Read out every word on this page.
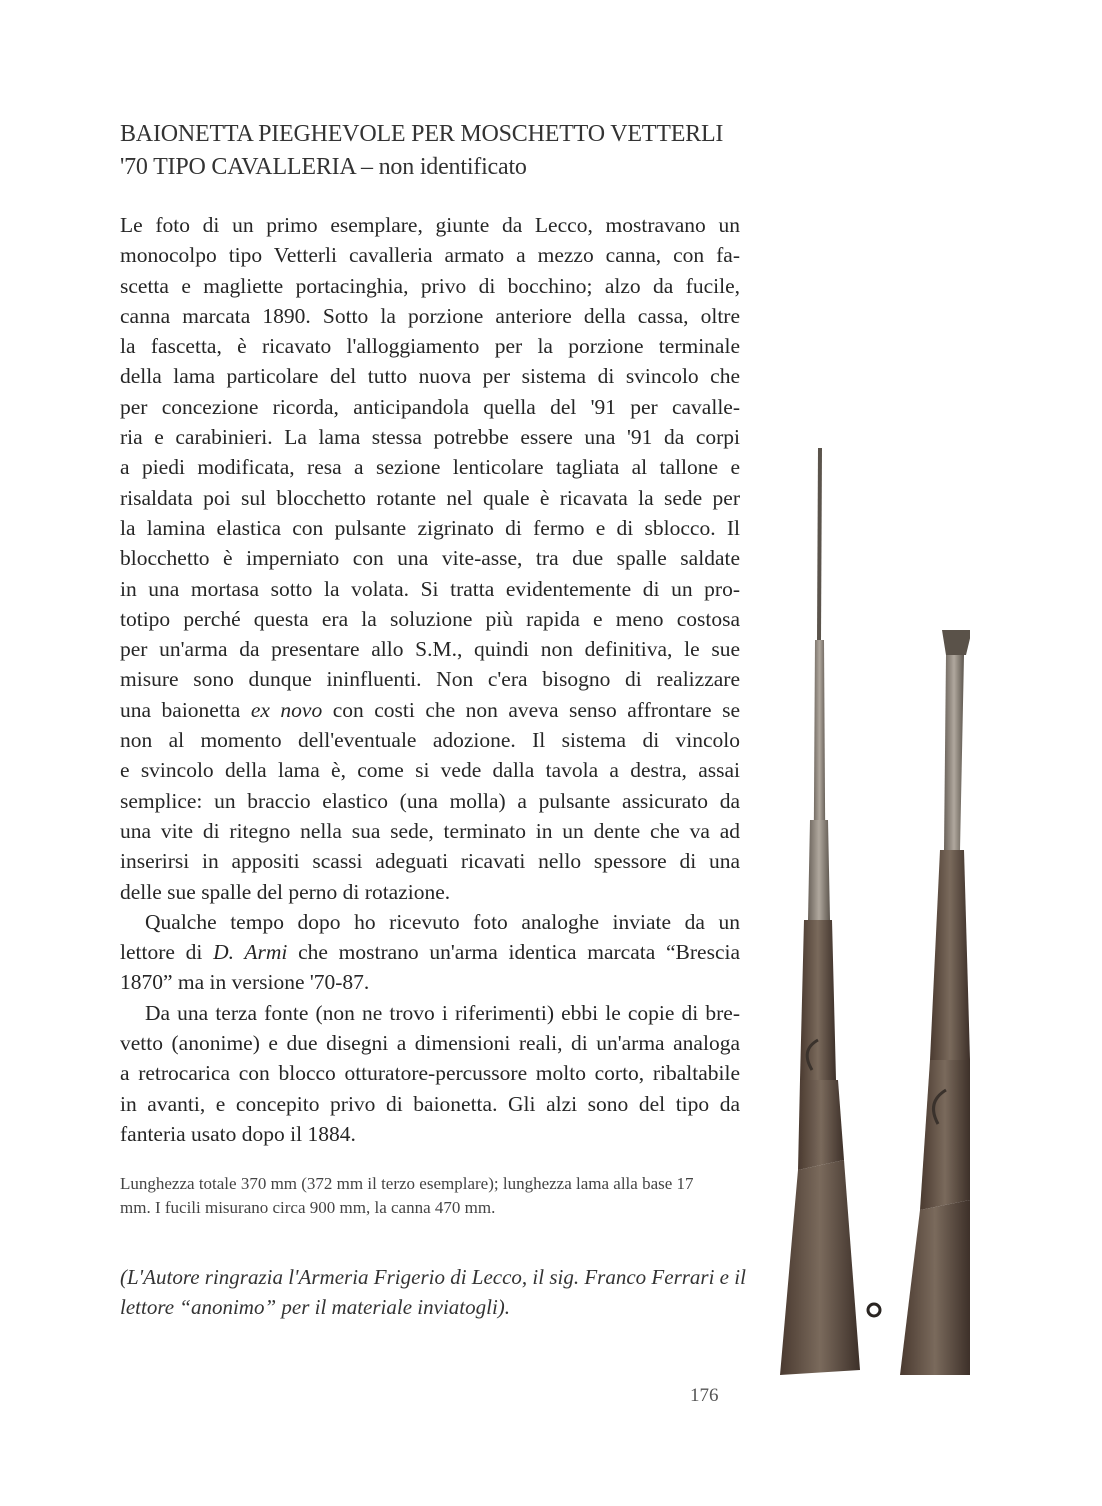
BAIONETTA PIEGHEVOLE PER MOSCHETTO VETTERLI
'70 TIPO CAVALLERIA – non identificato
Le foto di un primo esemplare, giunte da Lecco, mostravano un
monocolpo tipo Vetterli cavalleria armato a mezzo canna, con fa-
scetta e magliette portacinghia, privo di bocchino; alzo da fucile,
canna marcata 1890. Sotto la porzione anteriore della cassa, oltre
la fascetta, è ricavato l'alloggiamento per la porzione terminale
della lama particolare del tutto nuova per sistema di svincolo che
per concezione ricorda, anticipandola quella del '91 per cavalle-
ria e carabinieri. La lama stessa potrebbe essere una '91 da corpi
a piedi modificata, resa a sezione lenticolare tagliata al tallone e
risaldata poi sul blocchetto rotante nel quale è ricavata la sede per
la lamina elastica con pulsante zigrinato di fermo e di sblocco. Il
blocchetto è imperniato con una vite-asse, tra due spalle saldate
in una mortasa sotto la volata. Si tratta evidentemente di un pro-
totipo perché questa era la soluzione più rapida e meno costosa
per un'arma da presentare allo S.M., quindi non definitiva, le sue
misure sono dunque ininfluenti. Non c'era bisogno di realizzare
una baionetta ex novo con costi che non aveva senso affrontare se
non al momento dell'eventuale adozione. Il sistema di vincolo
e svincolo della lama è, come si vede dalla tavola a destra, assai
semplice: un braccio elastico (una molla) a pulsante assicurato da
una vite di ritegno nella sua sede, terminato in un dente che va ad
inserirsi in appositi scassi adeguati ricavati nello spessore di una
delle sue spalle del perno di rotazione.
Qualche tempo dopo ho ricevuto foto analoghe inviate da un
lettore di D. Armi che mostrano un'arma identica marcata “Brescia
1870” ma in versione '70-87.
Da una terza fonte (non ne trovo i riferimenti) ebbi le copie di bre-
vetto (anonime) e due disegni a dimensioni reali, di un'arma analoga
a retrocarica con blocco otturatore-percussore molto corto, ribaltabile
in avanti, e concepito privo di baionetta. Gli alzi sono del tipo da
fanteria usato dopo il 1884.
Lunghezza totale 370 mm (372 mm il terzo esemplare); lunghezza lama alla base 17
mm. I fucili misurano circa 900 mm, la canna 470 mm.
(L'Autore ringrazia l'Armeria Frigerio di Lecco, il sig. Franco Ferrari e il
lettore “anonimo” per il materiale inviatogli).
176
